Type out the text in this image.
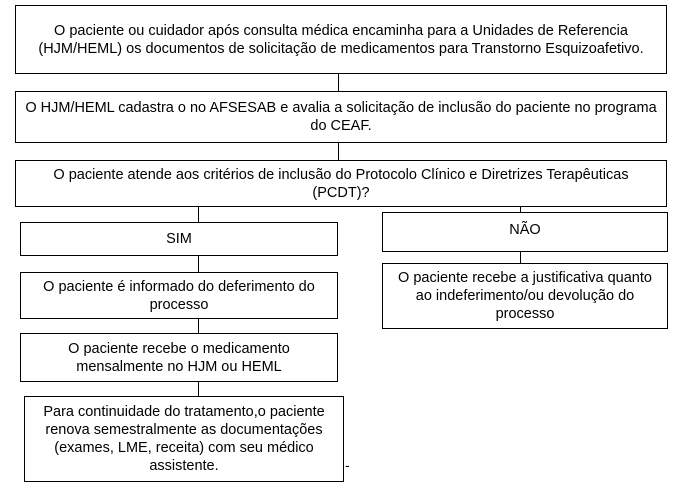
O paciente ou cuidador após consulta médica encaminha para a Unidades de Referencia (HJM/HEML) os documentos de solicitação de medicamentos para Transtorno Esquizoafetivo.
O HJM/HEML cadastra o no AFSESAB e avalia a solicitação de inclusão do paciente no programa do CEAF.
O paciente atende aos critérios de inclusão do Protocolo Clínico e Diretrizes Terapêuticas (PCDT)?
SIM
NÃO
O paciente é informado do deferimento do processo
O paciente recebe a justificativa quanto ao indeferimento/ou devolução do processo
O paciente recebe o medicamento mensalmente no HJM ou HEML
Para continuidade do tratamento,o paciente renova semestralmente as documentações (exames, LME, receita) com seu médico assistente.	-
